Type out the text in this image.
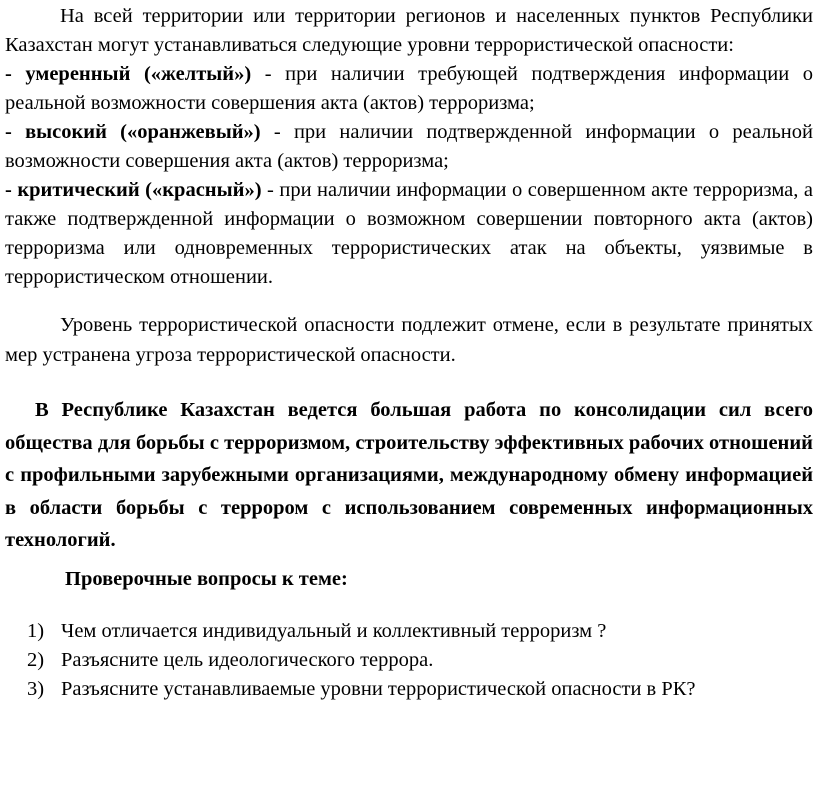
На всей территории или территории регионов и населенных пунктов Республики Казахстан могут устанавливаться следующие уровни террористической опасности:

- умеренный («желтый») - при наличии требующей подтверждения информации о реальной возможности совершения акта (актов) терроризма;

- высокий («оранжевый») - при наличии подтвержденной информации о реальной возможности совершения акта (актов) терроризма;

- критический («красный») - при наличии информации о совершенном акте терроризма, а также подтвержденной информации о возможном совершении повторного акта (актов) терроризма или одновременных террористических атак на объекты, уязвимые в террористическом отношении.

Уровень террористической опасности подлежит отмене, если в результате принятых мер устранена угроза террористической опасности.

В Республике Казахстан ведется большая работа по консолидации сил всего общества для борьбы с терроризмом, строительству эффективных рабочих отношений с профильными зарубежными организациями, международному обмену информацией в области борьбы с террором с использованием современных информационных технологий.

Проверочные вопросы к теме:
1) Чем отличается индивидуальный и коллективный терроризм ?
2) Разъясните цель идеологического террора.
3) Разъясните устанавливаемые уровни террористической опасности в РК?
